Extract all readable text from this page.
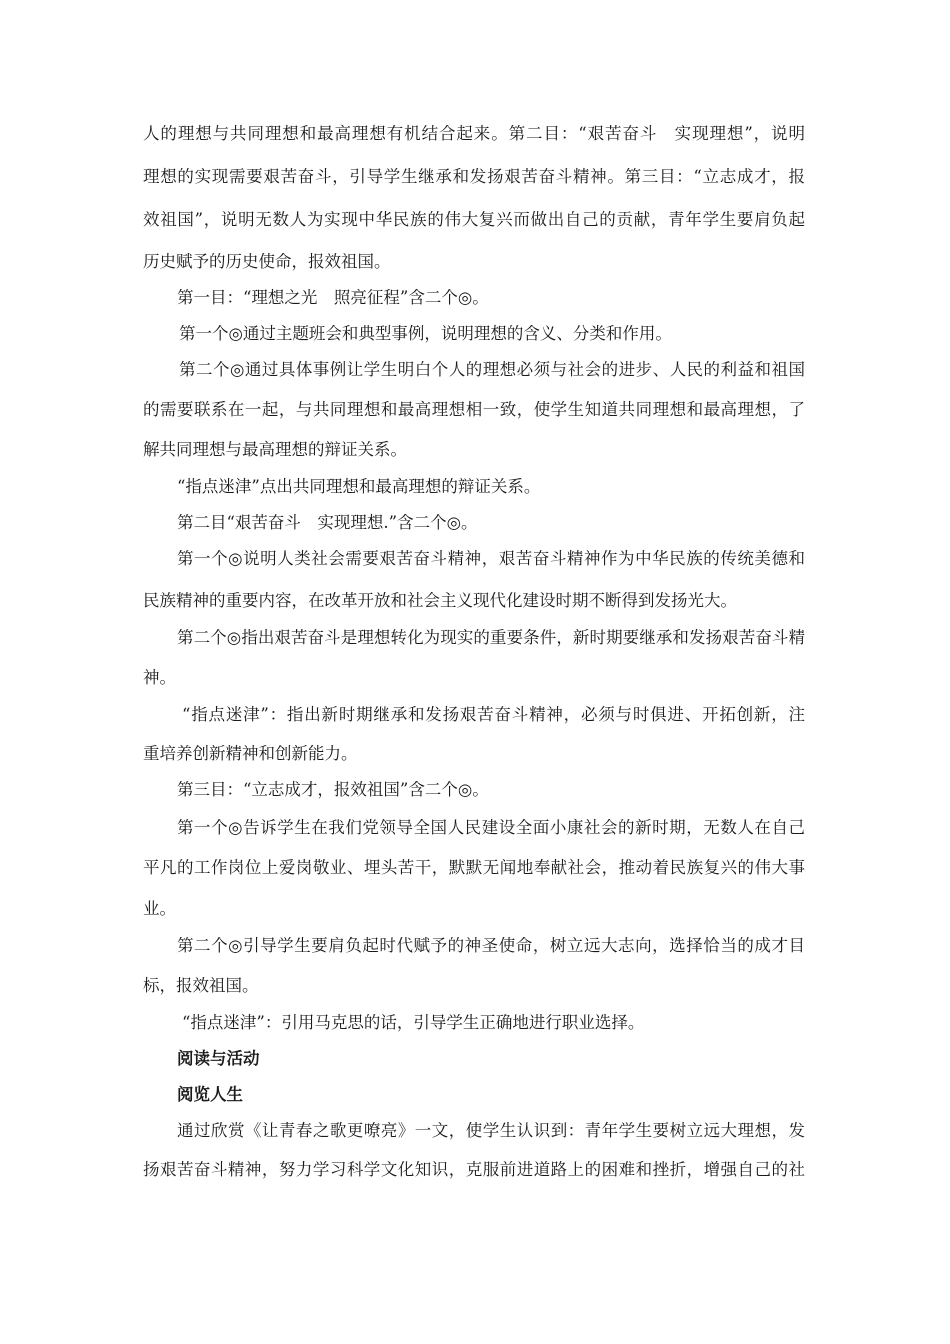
人的理想与共同理想和最高理想有机结合起来。第二目：“艰苦奋斗　实现理想”，说明
理想的实现需要艰苦奋斗，引导学生继承和发扬艰苦奋斗精神。第三目：“立志成才，报
效祖国”，说明无数人为实现中华民族的伟大复兴而做出自己的贡献，青年学生要肩负起
历史赋予的历史使命，报效祖国。
第一目：“理想之光　照亮征程”含二个◎。
第一个◎通过主题班会和典型事例，说明理想的含义、分类和作用。
第二个◎通过具体事例让学生明白个人的理想必须与社会的进步、人民的利益和祖国
的需要联系在一起，与共同理想和最高理想相一致，使学生知道共同理想和最高理想，了
解共同理想与最高理想的辩证关系。
“指点迷津”点出共同理想和最高理想的辩证关系。
第二目“艰苦奋斗　实现理想.”含二个◎。
第一个◎说明人类社会需要艰苦奋斗精神，艰苦奋斗精神作为中华民族的传统美德和
民族精神的重要内容，在改革开放和社会主义现代化建设时期不断得到发扬光大。
第二个◎指出艰苦奋斗是理想转化为现实的重要条件，新时期要继承和发扬艰苦奋斗精
神。
“指点迷津”：指出新时期继承和发扬艰苦奋斗精神，必须与时俱进、开拓创新，注
重培养创新精神和创新能力。
第三目：“立志成才，报效祖国”含二个◎。
第一个◎告诉学生在我们党领导全国人民建设全面小康社会的新时期，无数人在自己
平凡的工作岗位上爱岗敬业、埋头苦干，默默无闻地奉献社会，推动着民族复兴的伟大事
业。
第二个◎引导学生要肩负起时代赋予的神圣使命，树立远大志向，选择恰当的成才目
标，报效祖国。
“指点迷津”：引用马克思的话，引导学生正确地进行职业选择。
阅读与活动
阅览人生
通过欣赏《让青春之歌更嘹亮》一文，使学生认识到：青年学生要树立远大理想，发
扬艰苦奋斗精神，努力学习科学文化知识，克服前进道路上的困难和挫折，增强自己的社
